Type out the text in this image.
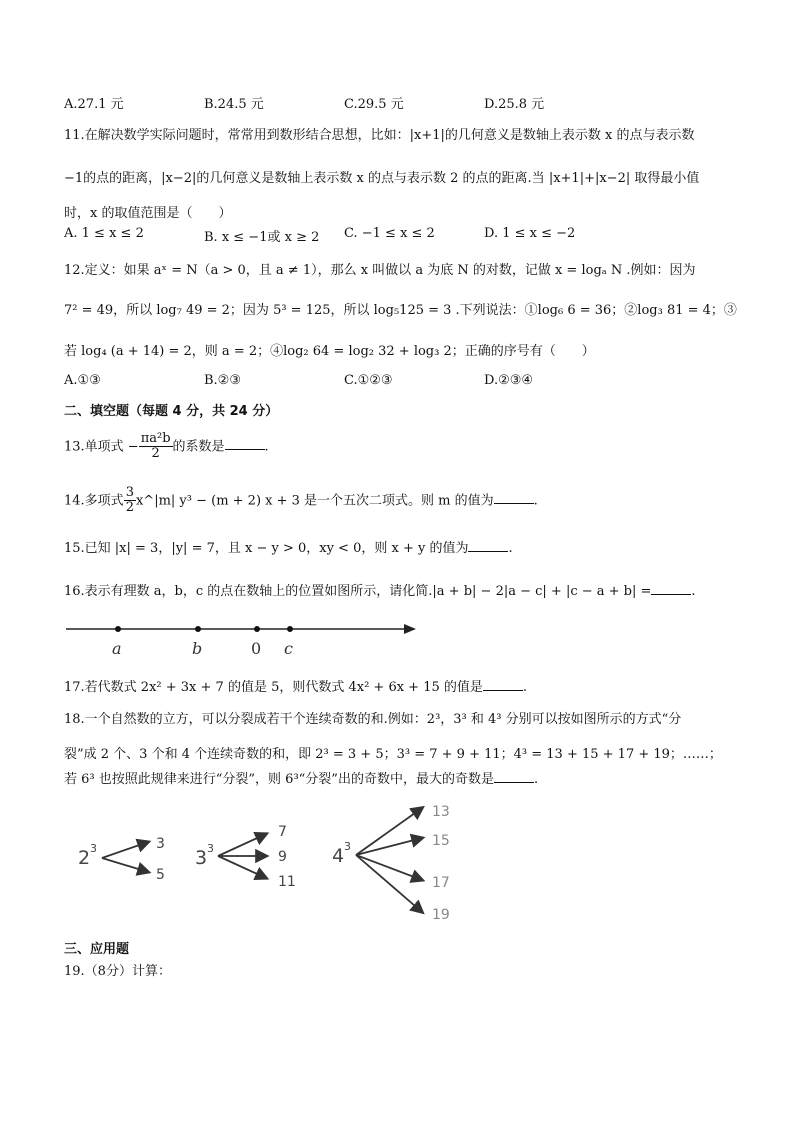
A.27.1 元	B.24.5 元	C.29.5 元	D.25.8 元
11.在解决数学实际问题时，常常用到数形结合思想，比如：|x+1|的几何意义是数轴上表示数 x 的点与表示数
−1的点的距离，|x−2|的几何意义是数轴上表示数 x 的点与表示数 2 的点的距离.当 |x+1|+|x−2| 取得最小值
时，x 的取值范围是（　　）
A. 1 ≤ x ≤ 2	B. x ≤ −1或 x ≥ 2 C. −1 ≤ x ≤ 2	D. 1 ≤ x ≤ −2
12.定义：如果 aˣ = N（a > 0，且 a ≠ 1），那么 x 叫做以 a 为底 N 的对数，记做 x = logₐ N .例如：因为
7² = 49，所以 log₇ 49 = 2；因为 5³ = 125，所以 log₅125 = 3 .下列说法：①log₆ 6 = 36；②log₃ 81 = 4；③
若 log₄ (a + 14) = 2，则 a = 2；④log₂ 64 = log₂ 32 + log₃ 2；正确的序号有（　　）
A.①③	B.②③	C.①②③	D.②③④
二、填空题（每题 4 分，共 24 分）
13.单项式 − $\frac{\text{πa²b}}{2}$ 的系数是	.
14.多项式 $\frac{3}{2}$ x^|m| y³ − (m + 2) x + 3 是一个五次二项式。则 m 的值为	.
15.已知 |x| = 3，|y| = 7，且 x − y > 0，xy < 0，则 x + y 的值为	.
16.表示有理数 a，b，c 的点在数轴上的位置如图所示，请化简.|a + b| − 2|a − c| + |c − a + b| =	.
a	b	0 c
17.若代数式 2x² + 3x + 7 的值是 5，则代数式 4x² + 6x + 15 的值是	.
18.一个自然数的立方，可以分裂成若干个连续奇数的和.例如：2³，3³ 和 4³ 分别可以按如图所示的方式“分
裂”成 2 个、3 个和 4 个连续奇数的和，即 2³ = 3 + 5；3³ = 7 + 9 + 11；4³ = 13 + 15 + 17 + 19；……；
若 6³ 也按照此规律来进行“分裂”，则 6³“分裂”出的奇数中，最大的奇数是	.
2 3	3
5
3 3
7
9
11
4 3
13
15
17
19
三、应用题
19.（8分）计算：
